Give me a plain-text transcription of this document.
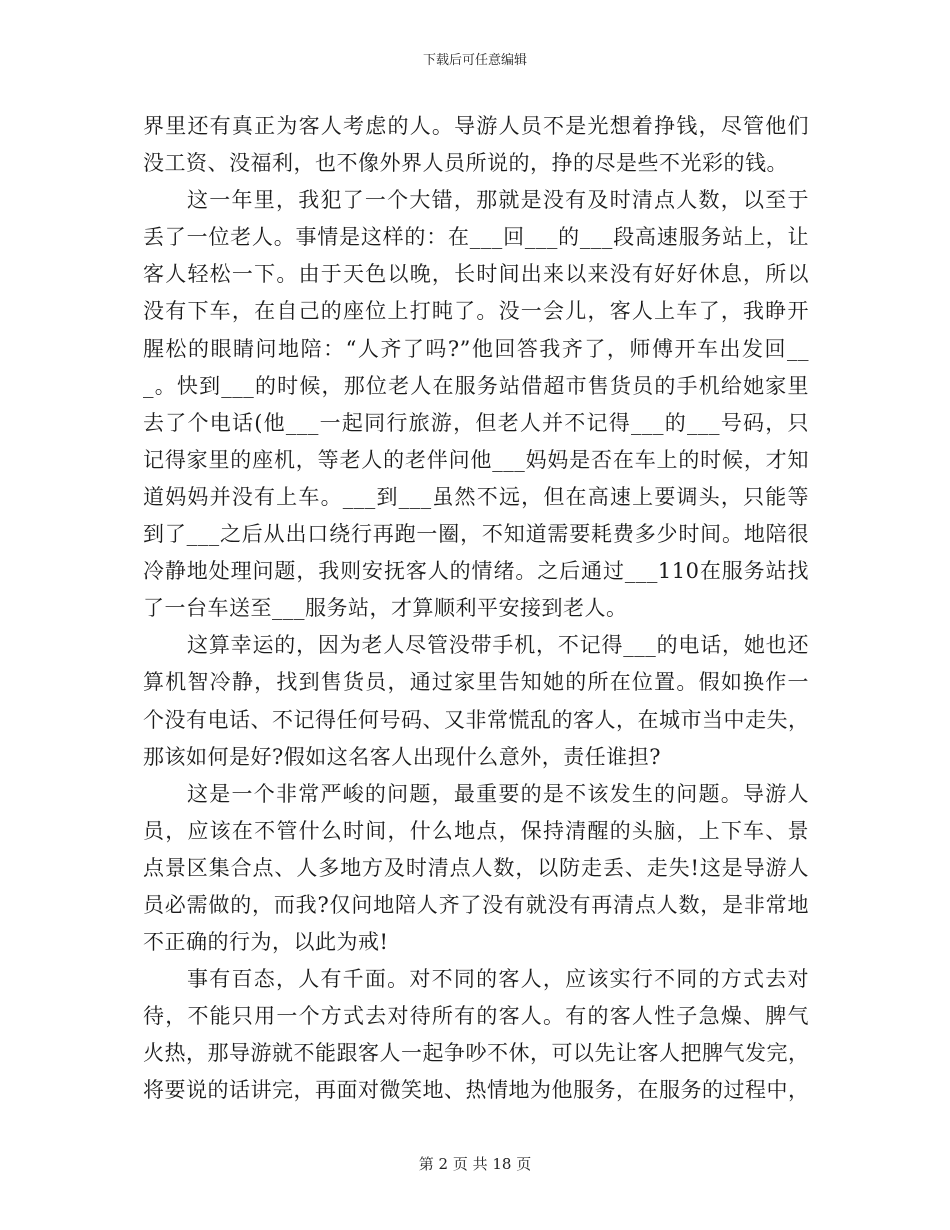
下载后可任意编辑
界里还有真正为客人考虑的人。导游人员不是光想着挣钱，尽管他们
没工资、没福利，也不像外界人员所说的，挣的尽是些不光彩的钱。
这一年里，我犯了一个大错，那就是没有及时清点人数，以至于
丢了一位老人。事情是这样的：在___回___的___段高速服务站上，让
客人轻松一下。由于天色以晚，长时间出来以来没有好好休息，所以
没有下车，在自己的座位上打盹了。没一会儿，客人上车了，我睁开
腥松的眼睛问地陪：“人齐了吗?”他回答我齐了，师傅开车出发回__
_。快到___的时候，那位老人在服务站借超市售货员的手机给她家里
去了个电话(他___一起同行旅游，但老人并不记得___的___号码，只
记得家里的座机，等老人的老伴问他___妈妈是否在车上的时候，才知
道妈妈并没有上车。___到___虽然不远，但在高速上要调头，只能等
到了___之后从出口绕行再跑一圈，不知道需要耗费多少时间。地陪很
冷静地处理问题，我则安抚客人的情绪。之后通过___110在服务站找
了一台车送至___服务站，才算顺利平安接到老人。
这算幸运的，因为老人尽管没带手机，不记得___的电话，她也还
算机智冷静，找到售货员，通过家里告知她的所在位置。假如换作一
个没有电话、不记得任何号码、又非常慌乱的客人，在城市当中走失，
那该如何是好?假如这名客人出现什么意外，责任谁担?
这是一个非常严峻的问题，最重要的是不该发生的问题。导游人
员，应该在不管什么时间，什么地点，保持清醒的头脑，上下车、景
点景区集合点、人多地方及时清点人数，以防走丢、走失!这是导游人
员必需做的，而我?仅问地陪人齐了没有就没有再清点人数，是非常地
不正确的行为，以此为戒!
事有百态，人有千面。对不同的客人，应该实行不同的方式去对
待，不能只用一个方式去对待所有的客人。有的客人性子急燥、脾气
火热，那导游就不能跟客人一起争吵不休，可以先让客人把脾气发完，
将要说的话讲完，再面对微笑地、热情地为他服务，在服务的过程中，
第 2 页 共 18 页
